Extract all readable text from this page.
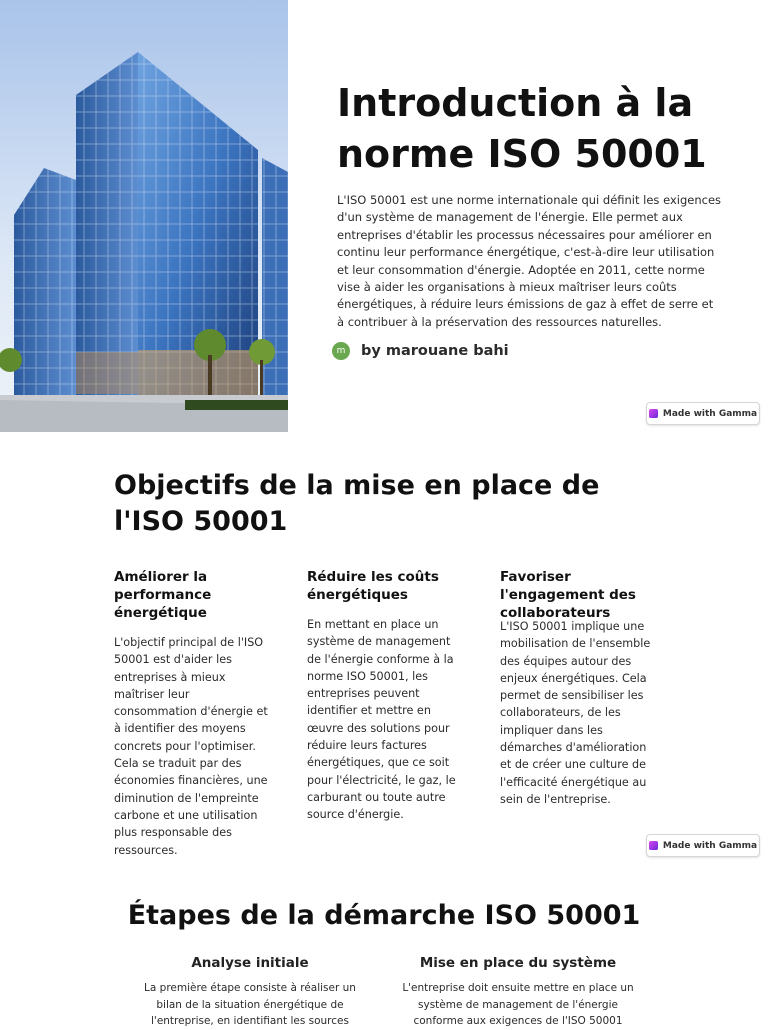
Introduction à la norme ISO 50001

L'ISO 50001 est une norme internationale qui définit les exigences d'un système de management de l'énergie. Elle permet aux entreprises d'établir les processus nécessaires pour améliorer en continu leur performance énergétique, c'est-à-dire leur utilisation et leur consommation d'énergie. Adoptée en 2011, cette norme vise à aider les organisations à mieux maîtriser leurs coûts énergétiques, à réduire leurs émissions de gaz à effet de serre et à contribuer à la préservation des ressources naturelles.

m	by marouane bahi
Made with Gamma
Objectifs de la mise en place de l'ISO 50001
Améliorer la performance énergétique

L'objectif principal de l'ISO 50001 est d'aider les entreprises à mieux maîtriser leur consommation d'énergie et à identifier des moyens concrets pour l'optimiser. Cela se traduit par des économies financières, une diminution de l'empreinte carbone et une utilisation plus responsable des ressources.

Réduire les coûts énergétiques

En mettant en place un système de management de l'énergie conforme à la norme ISO 50001, les entreprises peuvent identifier et mettre en œuvre des solutions pour réduire leurs factures énergétiques, que ce soit pour l'électricité, le gaz, le carburant ou toute autre source d'énergie.

Favoriser l'engagement des collaborateurs

L'ISO 50001 implique une mobilisation de l'ensemble des équipes autour des enjeux énergétiques. Cela permet de sensibiliser les collaborateurs, de les impliquer dans les démarches d'amélioration et de créer une culture de l'efficacité énergétique au sein de l'entreprise.

Made with Gamma
Étapes de la démarche ISO 50001
Analyse initiale

La première étape consiste à réaliser un bilan de la situation énergétique de l'entreprise, en identifiant les sources

Mise en place du système

L'entreprise doit ensuite mettre en place un système de management de l'énergie conforme aux exigences de l'ISO 50001
